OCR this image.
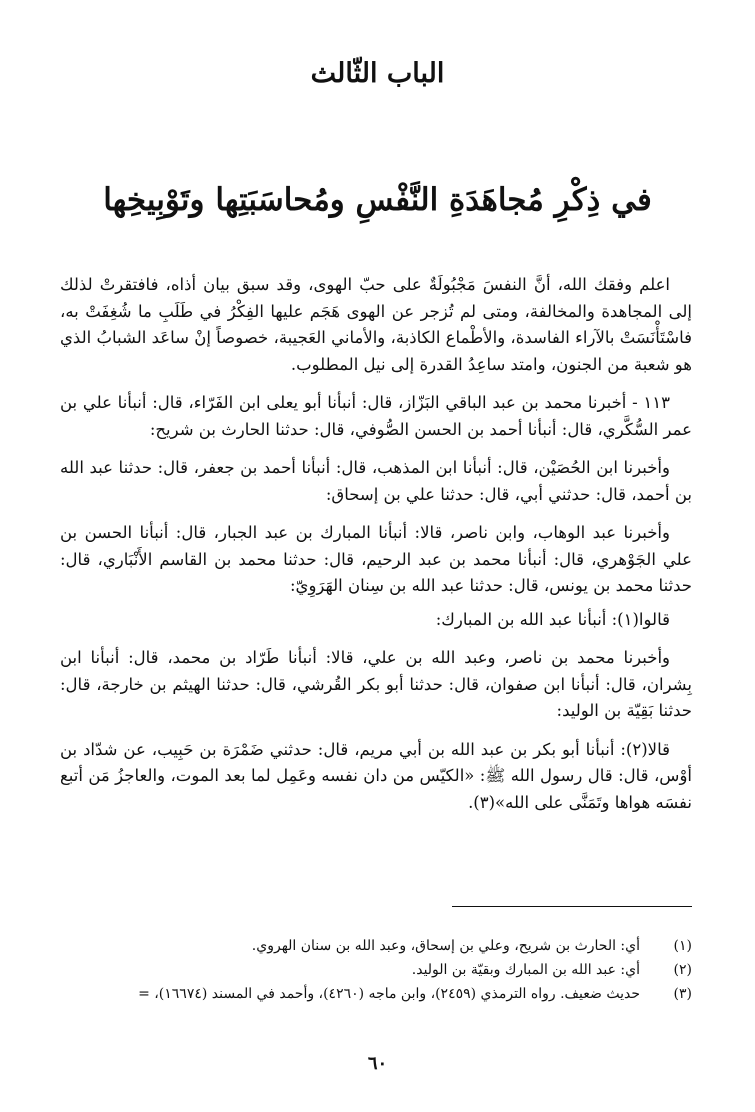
الباب الثّالث
في ذِكْرِ مُجاهَدَةِ النَّفْسِ ومُحاسَبَتِها وتَوْبِيخِها

اعلم وفقك الله، أنَّ النفسَ مَجْبُولَةٌ على حبّ الهوى، وقد سبق بيان أذاه، فافتقرتْ لذلك إلى المجاهدة والمخالفة، ومتى لم تُزجر عن الهوى هَجَم عليها الفِكْرُ في طَلَبِ ما شُغِفَتْ به، فاسْتَأْنَسَتْ بالآراء الفاسدة، والأطْماع الكاذبة، والأماني العَجيبة، خصوصاً إنْ ساعَد الشبابُ الذي هو شعبة من الجنون، وامتد ساعِدُ القدرة إلى نيل المطلوب.

١١٣ - أخبرنا محمد بن عبد الباقي البَزّاز، قال: أنبأنا أبو يعلى ابن الفَرّاء، قال: أنبأنا علي بن عمر السُّكَّري، قال: أنبأنا أحمد بن الحسن الصُّوفي، قال: حدثنا الحارث بن شريح:

وأخبرنا ابن الحُصَيْن، قال: أنبأنا ابن المذهب، قال: أنبأنا أحمد بن جعفر، قال: حدثنا عبد الله بن أحمد، قال: حدثني أبي، قال: حدثنا علي بن إسحاق:

وأخبرنا عبد الوهاب، وابن ناصر، قالا: أنبأنا المبارك بن عبد الجبار، قال: أنبأنا الحسن بن علي الجَوْهري، قال: أنبأنا محمد بن عبد الرحيم، قال: حدثنا محمد بن القاسم الأَنْبَاري، قال: حدثنا محمد بن يونس، قال: حدثنا عبد الله بن سِنان الهَرَوِيّ:

قالوا(١): أنبأنا عبد الله بن المبارك:

وأخبرنا محمد بن ناصر، وعبد الله بن علي، قالا: أنبأنا طَرّاد بن محمد، قال: أنبأنا ابن بِشران، قال: أنبأنا ابن صفوان، قال: حدثنا أبو بكر القُرشي، قال: حدثنا الهيثم بن خارجة، قال: حدثنا بَقِيّة بن الوليد:

قالا(٢): أنبأنا أبو بكر بن عبد الله بن أبي مريم، قال: حدثني ضَمْرَة بن حَبِيب، عن شدّاد بن أوْس، قال: قال رسول الله ﷺ: «الكيّس من دان نفسه وعَمِل لما بعد الموت، والعاجزُ مَن أتبع نفسَه هواها وتَمَنَّى على الله»(٣).

(١)
أي: الحارث بن شريح، وعلي بن إسحاق، وعبد الله بن سنان الهروي.
(٢)
أي: عبد الله بن المبارك وبقيّة بن الوليد.
(٣)
حديث ضعيف. رواه الترمذي (٢٤٥٩)، وابن ماجه (٤٢٦٠)، وأحمد في المسند (١٦٦٧٤)، =
٦٠
